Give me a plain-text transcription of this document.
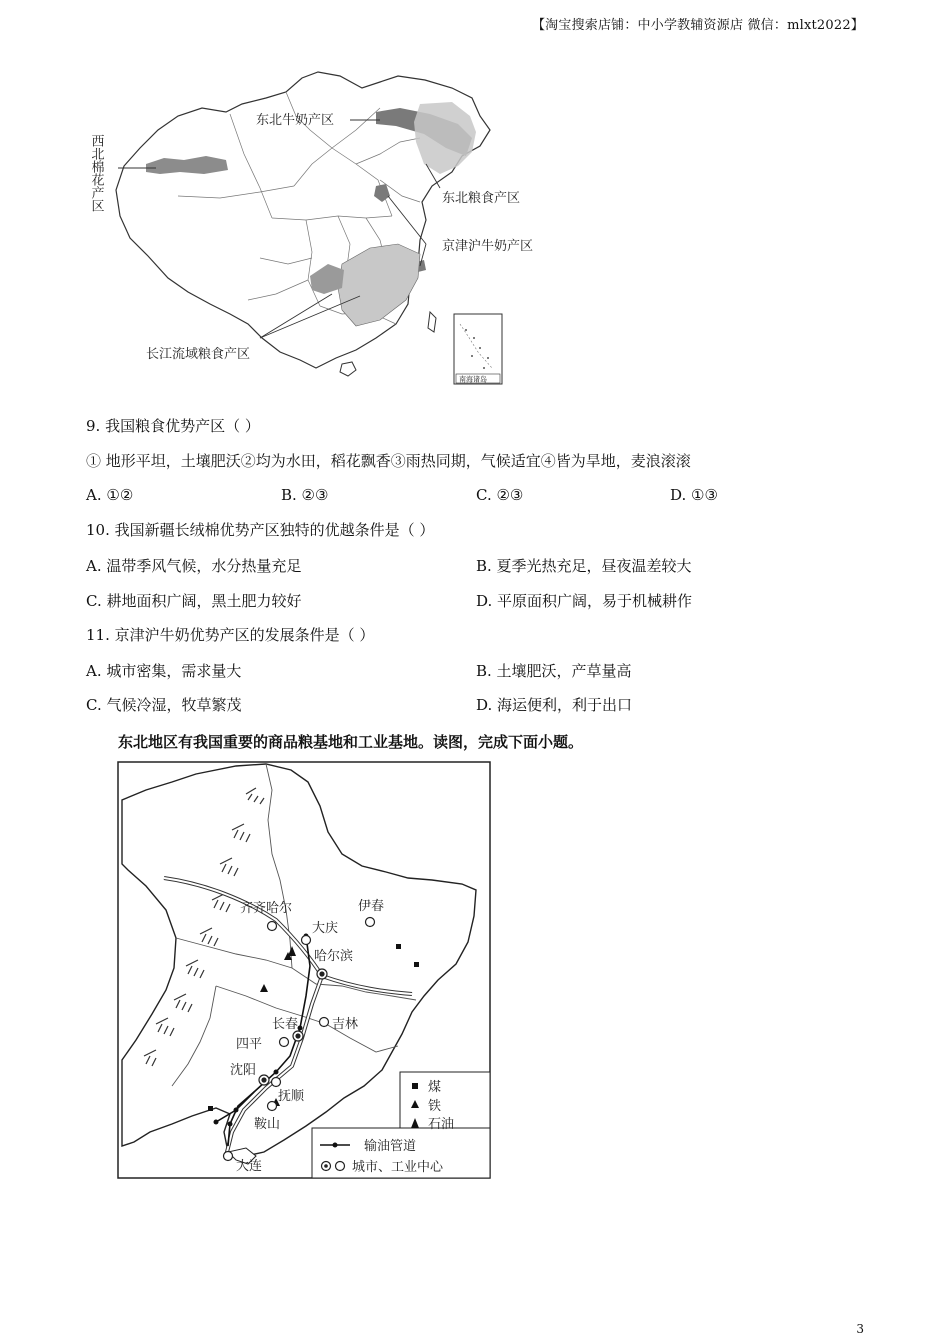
【淘宝搜索店铺：中小学教辅资源店 微信：mlxt2022】
西北棉花产区
东北牛奶产区
东北粮食产区
京津沪牛奶产区
长江流域粮食产区
南海诸岛
9. 我国粮食优势产区（ ）
① 地形平坦，土壤肥沃②均为水田，稻花飘香③雨热同期，气候适宜④皆为旱地，麦浪滚滚
A. ①②	B. ②③	C. ②③	D. ①③
10. 我国新疆长绒棉优势产区独特的优越条件是（ ）
A. 温带季风气候，水分热量充足	B. 夏季光热充足，昼夜温差较大
C. 耕地面积广阔，黑土肥力较好	D. 平原面积广阔，易于机械耕作
11. 京津沪牛奶优势产区的发展条件是（ ）
A. 城市密集，需求量大	B. 土壤肥沃，产草量高
C. 气候冷湿，牧草繁茂	D. 海运便利，利于出口
东北地区有我国重要的商品粮基地和工业基地。读图，完成下面小题。
齐齐哈尔
大庆
伊春
哈尔滨
长春	吉林
四平
沈阳
抚顺
鞍山
大连
煤
铁
石油
输油管道
城市、工业中心
3
